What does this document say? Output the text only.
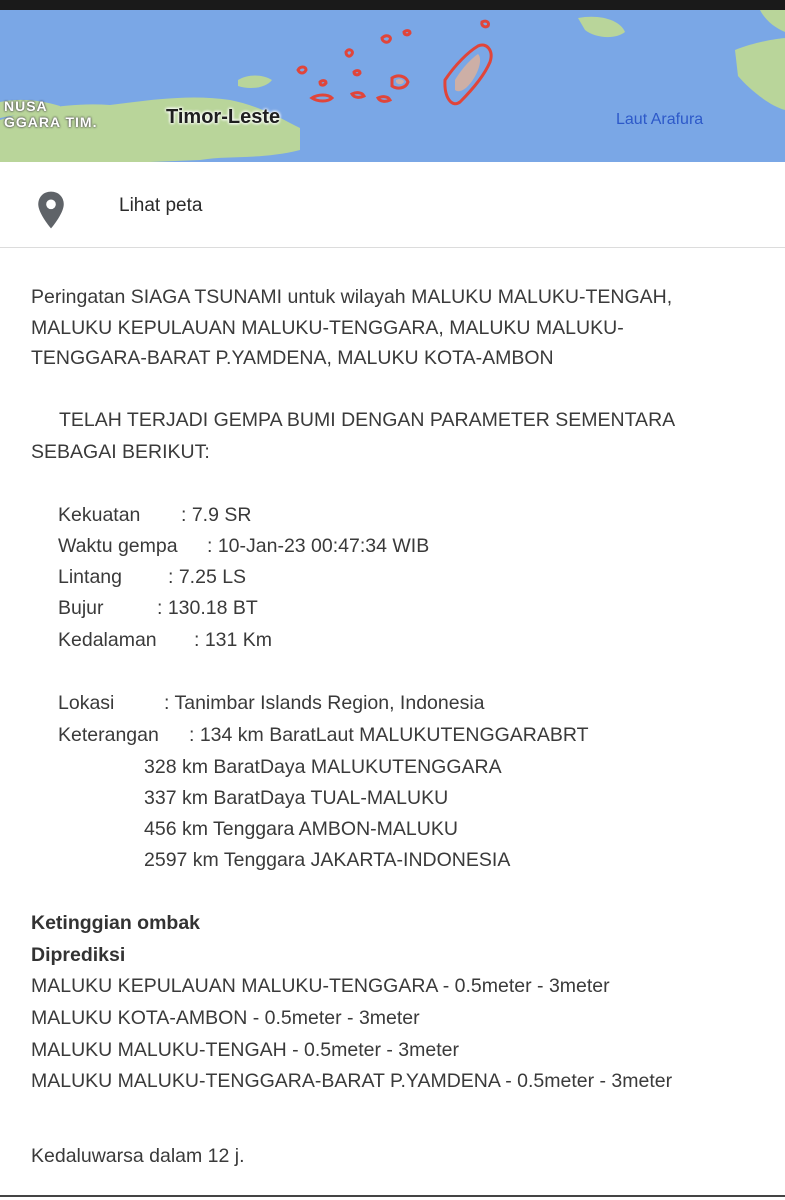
NUSA
GGARA TIM.	Timor-Leste	Laut Arafura
Lihat peta
Peringatan SIAGA TSUNAMI untuk wilayah MALUKU MALUKU-TENGAH,
MALUKU KEPULAUAN MALUKU-TENGGARA, MALUKU MALUKU-
TENGGARA-BARAT P.YAMDENA, MALUKU KOTA-AMBON
TELAH TERJADI GEMPA BUMI DENGAN PARAMETER SEMENTARA
SEBAGAI BERIKUT:
Kekuatan : 7.9 SR
Waktu gempa : 10-Jan-23 00:47:34 WIB
Lintang : 7.25 LS
Bujur	: 130.18 BT
Kedalaman : 131 Km
Lokasi	: Tanimbar Islands Region, Indonesia
Keterangan : 134 km BaratLaut MALUKUTENGGARABRT
328 km BaratDaya MALUKUTENGGARA
337 km BaratDaya TUAL-MALUKU
456 km Tenggara AMBON-MALUKU
2597 km Tenggara JAKARTA-INDONESIA
Ketinggian ombak
Diprediksi
MALUKU KEPULAUAN MALUKU-TENGGARA - 0.5meter - 3meter
MALUKU KOTA-AMBON - 0.5meter - 3meter
MALUKU MALUKU-TENGAH - 0.5meter - 3meter
MALUKU MALUKU-TENGGARA-BARAT P.YAMDENA - 0.5meter - 3meter
Kedaluwarsa dalam 12 j.
